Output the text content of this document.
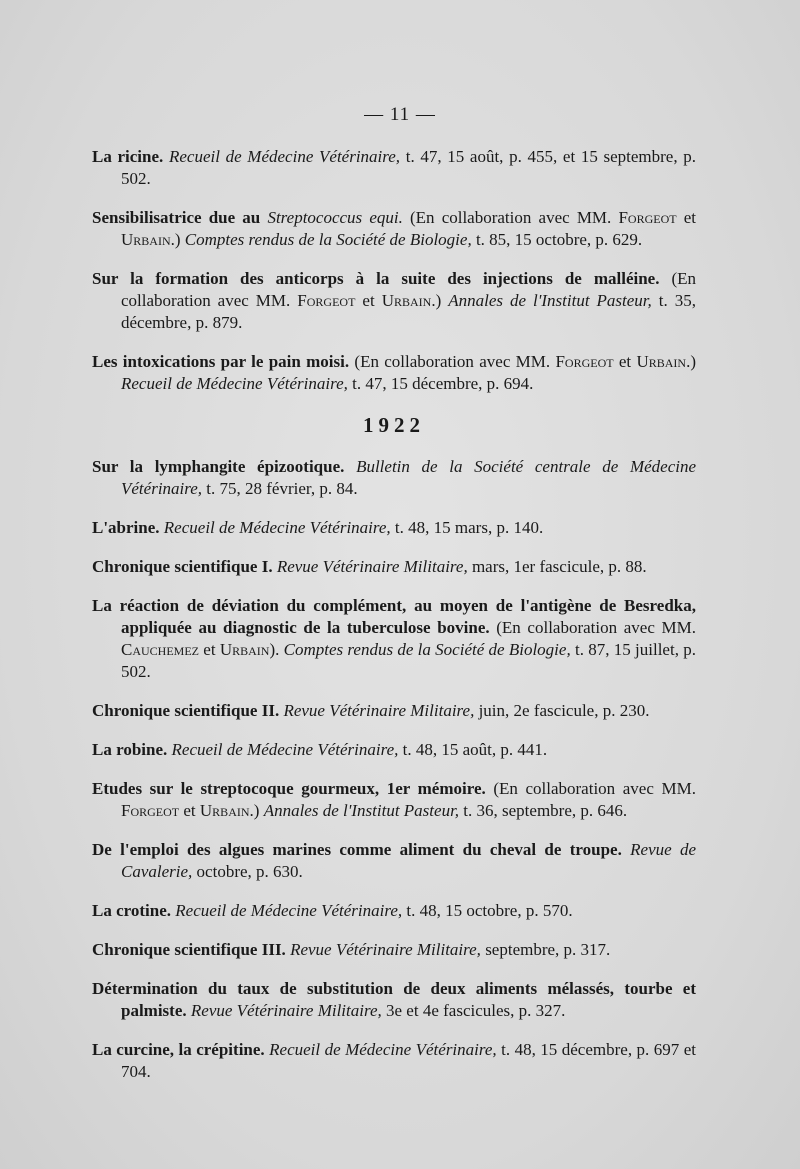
— 11 —
La ricine. Recueil de Médecine Vétérinaire, t. 47, 15 août, p. 455, et 15 septembre, p. 502.
Sensibilisatrice due au Streptococcus equi. (En collaboration avec MM. Forgeot et Urbain.) Comptes rendus de la Société de Biologie, t. 85, 15 octobre, p. 629.
Sur la formation des anticorps à la suite des injections de malléine. (En collaboration avec MM. Forgeot et Urbain.) Annales de l'Institut Pasteur, t. 35, décembre, p. 879.
Les intoxications par le pain moisi. (En collaboration avec MM. Forgeot et Urbain.) Recueil de Médecine Vétérinaire, t. 47, 15 décembre, p. 694.
1922
Sur la lymphangite épizootique. Bulletin de la Société centrale de Médecine Vétérinaire, t. 75, 28 février, p. 84.
L'abrine. Recueil de Médecine Vétérinaire, t. 48, 15 mars, p. 140.
Chronique scientifique I. Revue Vétérinaire Militaire, mars, 1er fascicule, p. 88.
La réaction de déviation du complément, au moyen de l'antigène de Besredka, appliquée au diagnostic de la tuberculose bovine. (En collaboration avec MM. Cauchemez et Urbain). Comptes rendus de la Société de Biologie, t. 87, 15 juillet, p. 502.
Chronique scientifique II. Revue Vétérinaire Militaire, juin, 2e fascicule, p. 230.
La robine. Recueil de Médecine Vétérinaire, t. 48, 15 août, p. 441.
Etudes sur le streptocoque gourmeux, 1er mémoire. (En collaboration avec MM. Forgeot et Urbain.) Annales de l'Institut Pasteur, t. 36, septembre, p. 646.
De l'emploi des algues marines comme aliment du cheval de troupe. Revue de Cavalerie, octobre, p. 630.
La crotine. Recueil de Médecine Vétérinaire, t. 48, 15 octobre, p. 570.
Chronique scientifique III. Revue Vétérinaire Militaire, septembre, p. 317.
Détermination du taux de substitution de deux aliments mélassés, tourbe et palmiste. Revue Vétérinaire Militaire, 3e et 4e fascicules, p. 327.
La curcine, la crépitine. Recueil de Médecine Vétérinaire, t. 48, 15 décembre, p. 697 et 704.
